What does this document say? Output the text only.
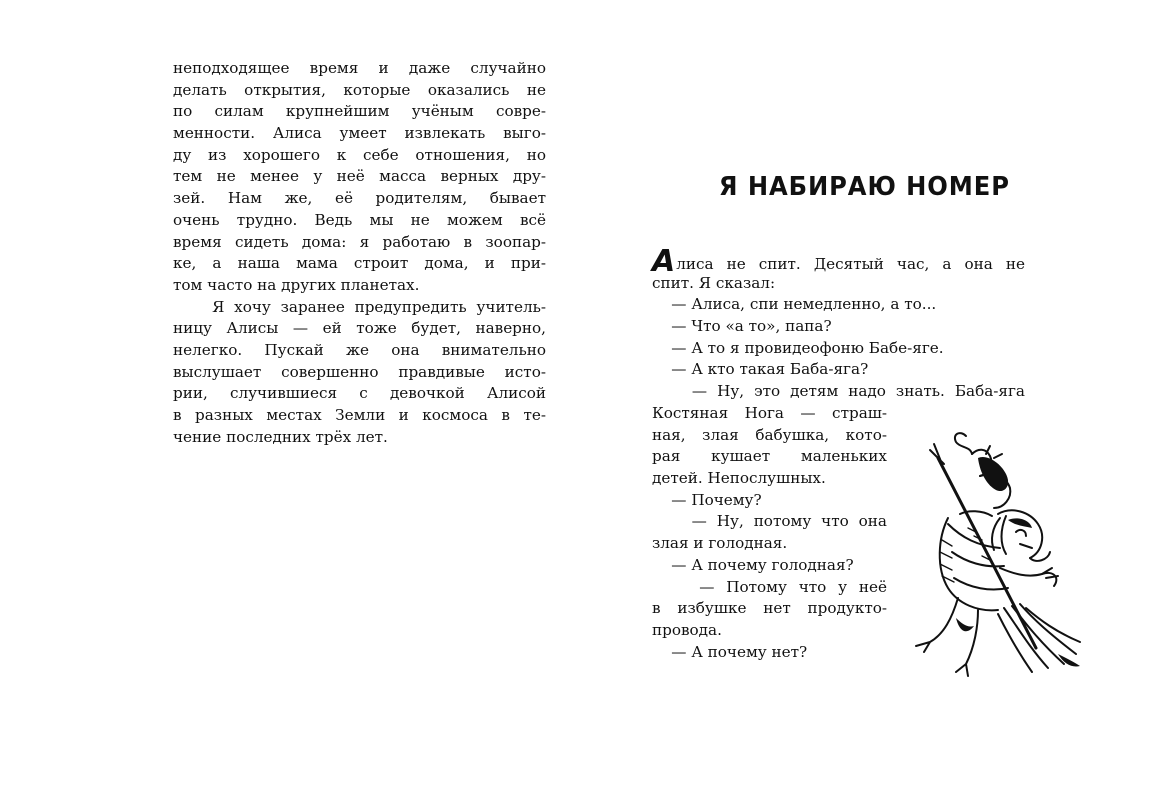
неподходящее время и даже случайно
делать открытия, которые оказались не
по силам крупнейшим учёным совре-
менности. Алиса умеет извлекать выго-
ду из хорошего к себе отношения, но
тем не менее у неё масса верных дру-
зей. Нам же, её родителям, бывает
очень трудно. Ведь мы не можем всё
время сидеть дома: я работаю в зоопар-
ке, а наша мама строит дома, и при-
том часто на других планетах.
Я хочу заранее предупредить учитель-
ницу Алисы — ей тоже будет, наверно,
нелегко. Пускай же она внимательно
выслушает совершенно правдивые исто-
рии, случившиеся с девочкой Алисой
в разных местах Земли и космоса в те-
чение последних трёх лет.
Я НАБИРАЮ НОМЕР
Алиса не спит. Десятый час, а она не
спит. Я сказал:
— Алиса, спи немедленно, а то...
— Что «а то», папа?
— А то я провидеофоню Бабе-яге.
— А кто такая Баба-яга?
— Ну, это детям надо знать. Баба-яга
Костяная Нога — страш-
ная, злая бабушка, кото-
рая кушает маленьких
детей. Непослушных.
— Почему?
— Ну, потому что она
злая и голодная.
— А почему голодная?
— Потому что у неё
в избушке нет продукто-
провода.
— А почему нет?
